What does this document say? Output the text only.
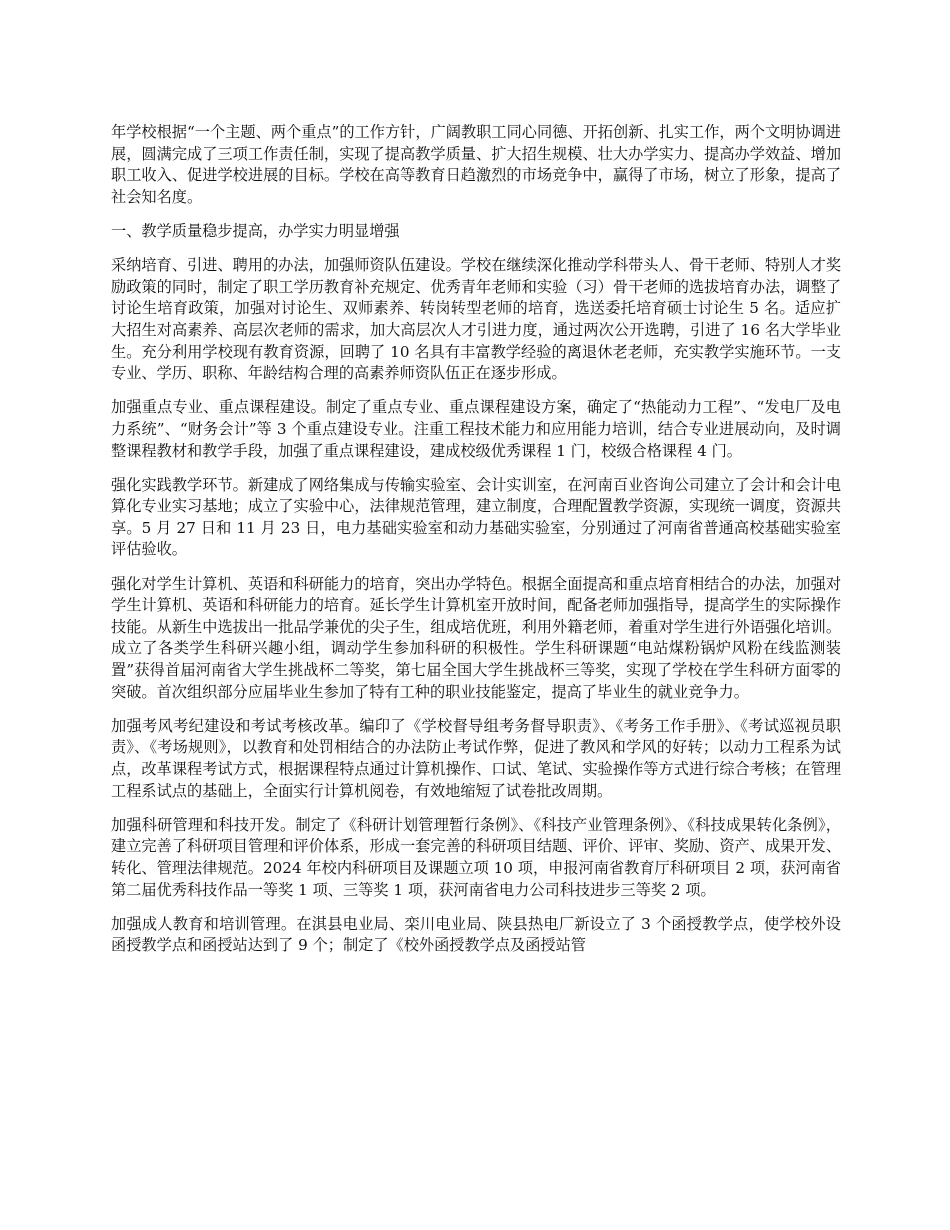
年学校根据“一个主题、两个重点”的工作方针，广阔教职工同心同德、开拓创新、扎实工作，两个文明协调进展，圆满完成了三项工作责任制，实现了提高教学质量、扩大招生规模、壮大办学实力、提高办学效益、增加职工收入、促进学校进展的目标。学校在高等教育日趋激烈的市场竞争中，赢得了市场，树立了形象，提高了社会知名度。

一、教学质量稳步提高，办学实力明显增强

采纳培育、引进、聘用的办法，加强师资队伍建设。学校在继续深化推动学科带头人、骨干老师、特别人才奖励政策的同时，制定了职工学历教育补充规定、优秀青年老师和实验（习）骨干老师的选拔培育办法，调整了讨论生培育政策，加强对讨论生、双师素养、转岗转型老师的培育，选送委托培育硕士讨论生 5 名。适应扩大招生对高素养、高层次老师的需求，加大高层次人才引进力度，通过两次公开选聘，引进了 16 名大学毕业生。充分利用学校现有教育资源，回聘了 10 名具有丰富教学经验的离退休老老师，充实教学实施环节。一支专业、学历、职称、年龄结构合理的高素养师资队伍正在逐步形成。

加强重点专业、重点课程建设。制定了重点专业、重点课程建设方案，确定了“热能动力工程”、“发电厂及电力系统”、“财务会计”等 3 个重点建设专业。注重工程技术能力和应用能力培训，结合专业进展动向，及时调整课程教材和教学手段，加强了重点课程建设，建成校级优秀课程 1 门，校级合格课程 4 门。

强化实践教学环节。新建成了网络集成与传输实验室、会计实训室，在河南百业咨询公司建立了会计和会计电算化专业实习基地；成立了实验中心，法律规范管理，建立制度，合理配置教学资源，实现统一调度，资源共享。5 月 27 日和 11 月 23 日，电力基础实验室和动力基础实验室，分别通过了河南省普通高校基础实验室评估验收。

强化对学生计算机、英语和科研能力的培育，突出办学特色。根据全面提高和重点培育相结合的办法，加强对学生计算机、英语和科研能力的培育。延长学生计算机室开放时间，配备老师加强指导，提高学生的实际操作技能。从新生中选拔出一批品学兼优的尖子生，组成培优班，利用外籍老师，着重对学生进行外语强化培训。成立了各类学生科研兴趣小组，调动学生参加科研的积极性。学生科研课题“电站煤粉锅炉风粉在线监测装置”获得首届河南省大学生挑战杯二等奖，第七届全国大学生挑战杯三等奖，实现了学校在学生科研方面零的突破。首次组织部分应届毕业生参加了特有工种的职业技能鉴定，提高了毕业生的就业竞争力。

加强考风考纪建设和考试考核改革。编印了《学校督导组考务督导职责》、《考务工作手册》、《考试巡视员职责》、《考场规则》，以教育和处罚相结合的办法防止考试作弊，促进了教风和学风的好转；以动力工程系为试点，改革课程考试方式，根据课程特点通过计算机操作、口试、笔试、实验操作等方式进行综合考核；在管理工程系试点的基础上，全面实行计算机阅卷，有效地缩短了试卷批改周期。

加强科研管理和科技开发。制定了《科研计划管理暂行条例》、《科技产业管理条例》、《科技成果转化条例》，建立完善了科研项目管理和评价体系，形成一套完善的科研项目结题、评价、评审、奖励、资产、成果开发、转化、管理法律规范。2024 年校内科研项目及课题立项 10 项，申报河南省教育厅科研项目 2 项，获河南省第二届优秀科技作品一等奖 1 项、三等奖 1 项，获河南省电力公司科技进步三等奖 2 项。

加强成人教育和培训管理。在淇县电业局、栾川电业局、陕县热电厂新设立了 3 个函授教学点，使学校外设函授教学点和函授站达到了 9 个；制定了《校外函授教学点及函授站管
